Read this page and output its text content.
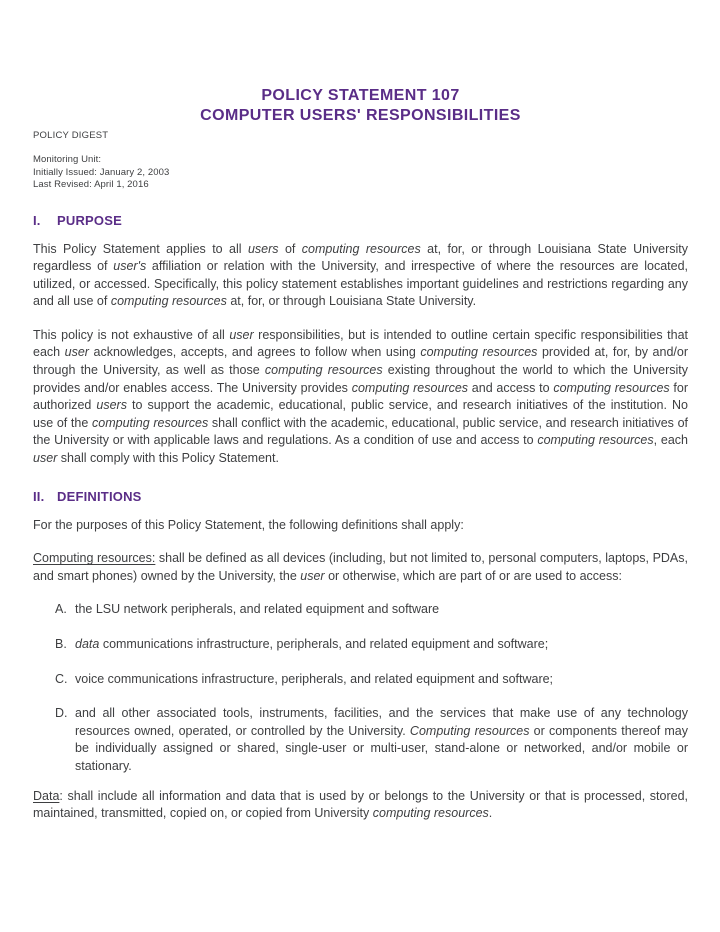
POLICY STATEMENT 107
COMPUTER USERS' RESPONSIBILITIES
POLICY DIGEST
Monitoring Unit:
Initially Issued: January 2, 2003
Last Revised: April 1, 2016
I. PURPOSE

This Policy Statement applies to all users of computing resources at, for, or through Louisiana State University regardless of user's affiliation or relation with the University, and irrespective of where the resources are located, utilized, or accessed. Specifically, this policy statement establishes important guidelines and restrictions regarding any and all use of computing resources at, for, or through Louisiana State University.

This policy is not exhaustive of all user responsibilities, but is intended to outline certain specific responsibilities that each user acknowledges, accepts, and agrees to follow when using computing resources provided at, for, by and/or through the University, as well as those computing resources existing throughout the world to which the University provides and/or enables access. The University provides computing resources and access to computing resources for authorized users to support the academic, educational, public service, and research initiatives of the institution. No use of the computing resources shall conflict with the academic, educational, public service, and research initiatives of the University or with applicable laws and regulations. As a condition of use and access to computing resources, each user shall comply with this Policy Statement.

II. DEFINITIONS

For the purposes of this Policy Statement, the following definitions shall apply:

Computing resources: shall be defined as all devices (including, but not limited to, personal computers, laptops, PDAs, and smart phones) owned by the University, the user or otherwise, which are part of or are used to access:

A. the LSU network peripherals, and related equipment and software
B. data communications infrastructure, peripherals, and related equipment and software;
C. voice communications infrastructure, peripherals, and related equipment and software;
D. and all other associated tools, instruments, facilities, and the services that make use of any technology resources owned, operated, or controlled by the University. Computing resources or components thereof may be individually assigned or shared, single-user or multi-user, stand-alone or networked, and/or mobile or stationary.

Data: shall include all information and data that is used by or belongs to the University or that is processed, stored, maintained, transmitted, copied on, or copied from University computing resources.
